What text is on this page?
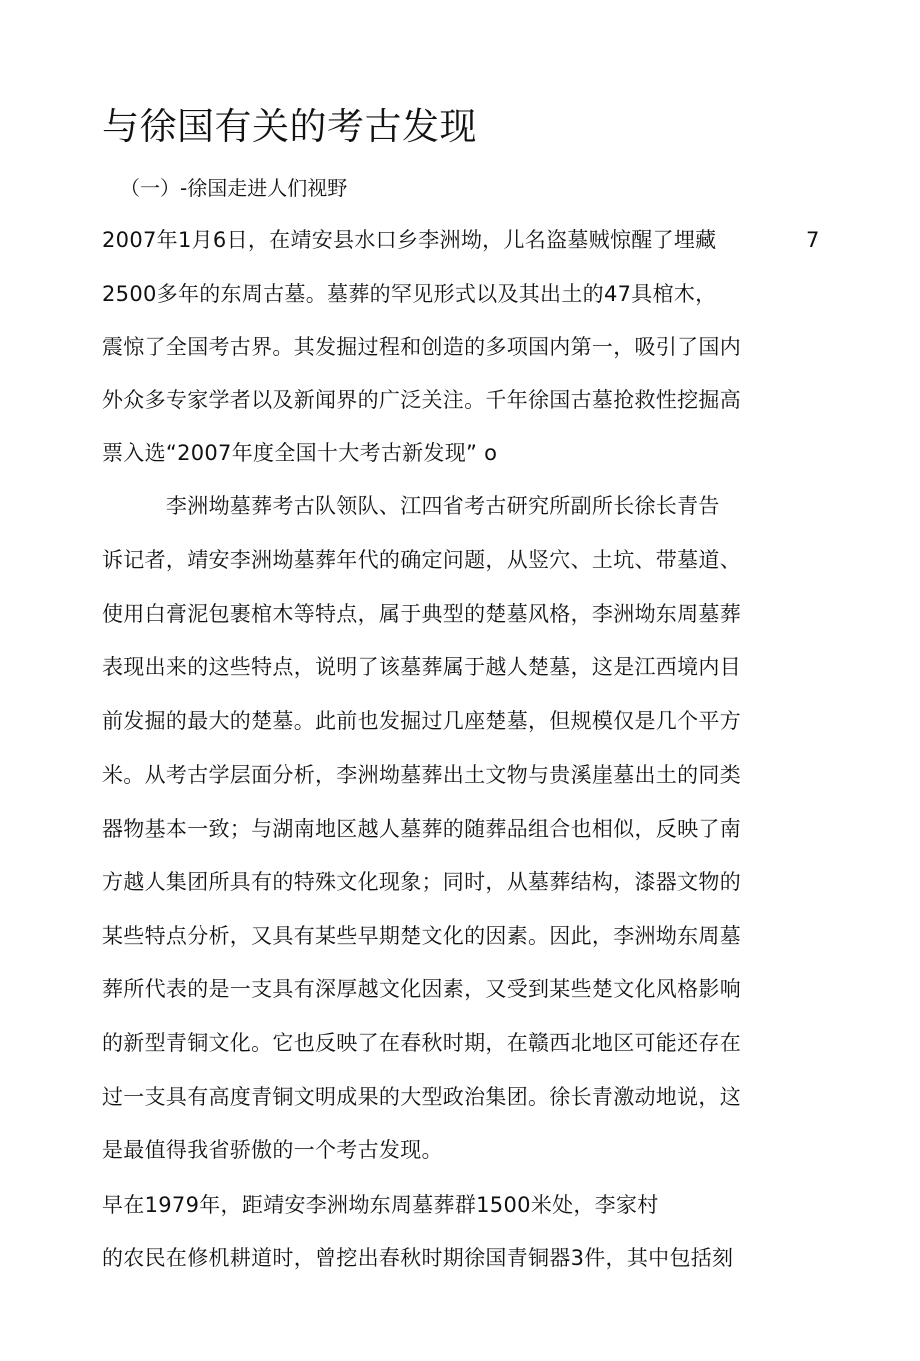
与徐国有关的考古发现
（一）-徐国走进人们视野
7
2007年1月6日，在靖安县水口乡李洲坳，儿名盗墓贼惊醒了埋藏
2500多年的东周古墓。墓葬的罕见形式以及其出土的47具棺木，
震惊了全国考古界。其发掘过程和创造的多项国内第一，吸引了国内
外众多专家学者以及新闻界的广泛关注。千年徐国古墓抢救性挖掘高
票入选“2007年度全国十大考古新发现” o
　　　李洲坳墓葬考古队领队、江四省考古研究所副所长徐长青告
诉记者，靖安李洲坳墓葬年代的确定问题，从竖穴、土坑、带墓道、
使用白膏泥包裹棺木等特点，属于典型的楚墓风格，李洲坳东周墓葬
表现出来的这些特点，说明了该墓葬属于越人楚墓，这是江西境内目
前发掘的最大的楚墓。此前也发掘过几座楚墓，但规模仅是几个平方
米。从考古学层面分析，李洲坳墓葬出土文物与贵溪崖墓出土的同类
器物基本一致；与湖南地区越人墓葬的随葬品组合也相似，反映了南
方越人集团所具有的特殊文化现象；同时，从墓葬结构，漆器文物的
某些特点分析，又具有某些早期楚文化的因素。因此，李洲坳东周墓
葬所代表的是一支具有深厚越文化因素，又受到某些楚文化风格影响
的新型青铜文化。它也反映了在春秋时期，在赣西北地区可能还存在
过一支具有高度青铜文明成果的大型政治集团。徐长青激动地说，这
是最值得我省骄傲的一个考古发现。
早在1979年，距靖安李洲坳东周墓葬群1500米处，李家村
的农民在修机耕道时，曾挖出春秋时期徐国青铜器3件，其中包括刻
